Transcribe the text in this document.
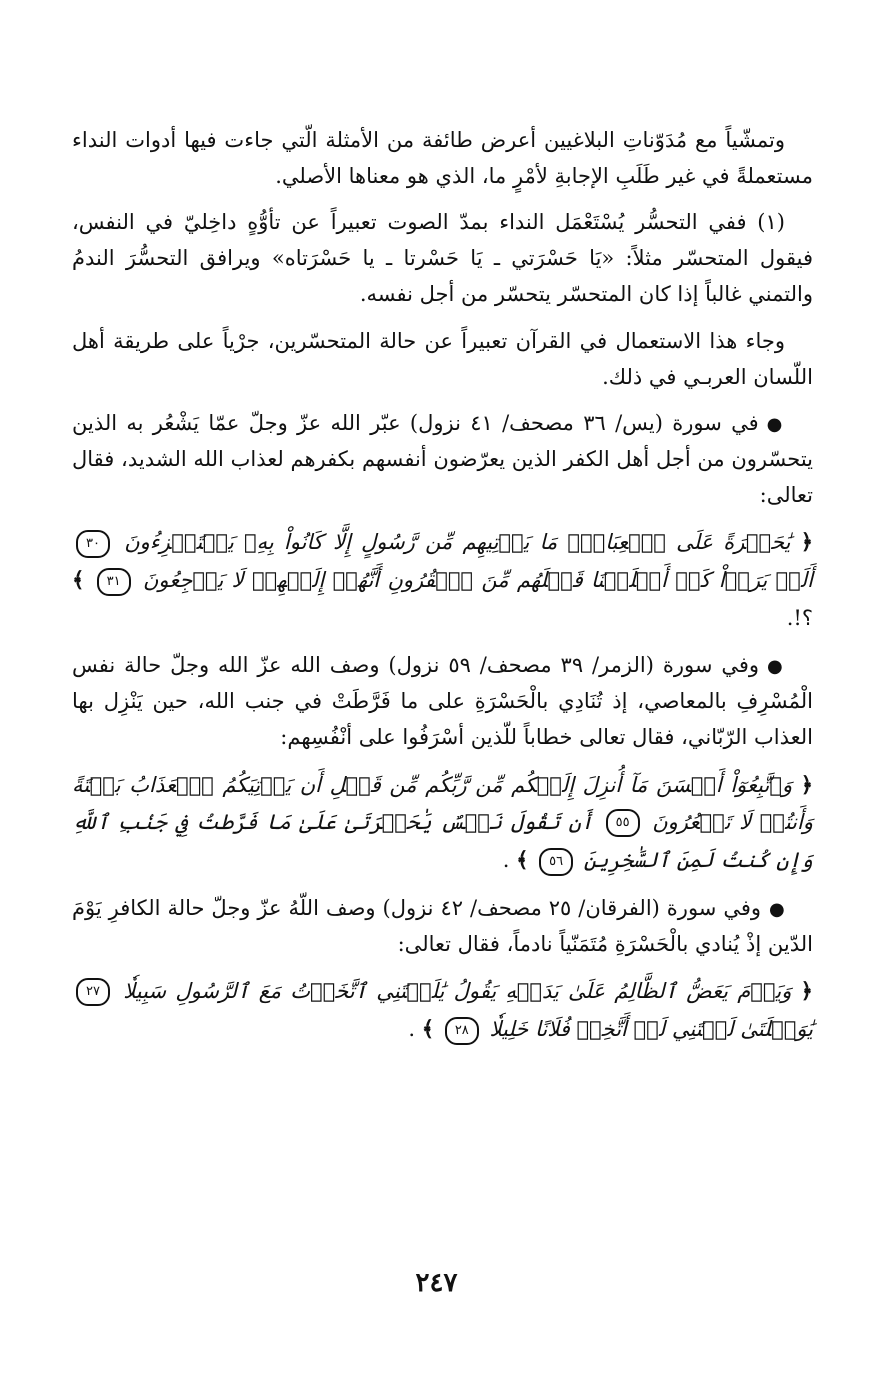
وتمشّياً مع مُدَوّناتِ البلاغيين أعرض طائفة من الأمثلة الّتي جاءت فيها أدوات النداء مستعملةً في غير طَلَبِ الإجابةِ لأمْرٍ ما، الذي هو معناها الأصلي.

(١) ففي التحسُّر يُسْتَعْمَل النداء بمدّ الصوت تعبيراً عن تأوُّهٍ داخِليّ في النفس، فيقول المتحسّر مثلاً: «يَا حَسْرَتي ـ يَا حَسْرتا ـ يا حَسْرَتاه» ويرافق التحسُّرَ الندمُ والتمني غالباً إذا كان المتحسّر يتحسّر من أجل نفسه.

وجاء هذا الاستعمال في القرآن تعبيراً عن حالة المتحسّرين، جرْياً على طريقة أهل اللّسان العربـي في ذلك.

●في سورة (يس/ ٣٦ مصحف/ ٤١ نزول) عبّر الله عزّ وجلّ عمّا يَشْعُر به الذين يتحسّرون من أجل أهل الكفر الذين يعرّضون أنفسهم بكفرهم لعذاب الله الشديد، فقال تعالى:

﴿ يَٰحَسۡرَةً عَلَى ٱلۡعِبَادِۚ مَا يَأۡتِيهِم مِّن رَّسُولٍ إِلَّا كَانُواْ بِهِۦ يَسۡتَهۡزِءُونَ ٣٠ أَلَمۡ يَرَوۡاْ كَمۡ أَهۡلَكۡنَا قَبۡلَهُم مِّنَ ٱلۡقُرُونِ أَنَّهُمۡ إِلَيۡهِمۡ لَا يَرۡجِعُونَ ٣١ ﴾ ؟!.

●وفي سورة (الزمر/ ٣٩ مصحف/ ٥٩ نزول) وصف الله عزّ الله وجلّ حالة نفس الْمُسْرِفِ بالمعاصي، إذ تُنَادِي بالْحَسْرَةِ على ما فَرَّطَتْ في جنب الله، حين يَنْزِل بها العذاب الرّبّاني، فقال تعالى خطاباً للّذين أسْرَفُوا على أنْفُسِهم:

﴿ وَٱتَّبِعُوٓاْ أَحۡسَنَ مَآ أُنزِلَ إِلَيۡكُم مِّن رَّبِّكُم مِّن قَبۡلِ أَن يَأۡتِيَكُمُ ٱلۡعَذَابُ بَغۡتَةً وَأَنتُمۡ لَا تَشۡعُرُونَ ٥٥ أَن تَقُولَ نَفۡسٌ يَٰحَسۡرَتَىٰ عَلَىٰ مَا فَرَّطتُ فِي جَنۢبِ ٱللَّهِ وَإِن كُنتُ لَمِنَ ٱلسَّٰخِرِينَ ٥٦ ﴾ .

●وفي سورة (الفرقان/ ٢٥ مصحف/ ٤٢ نزول) وصف اللّهُ عزّ وجلّ حالة الكافرِ يَوْمَ الدّين إذْ يُنادي بالْحَسْرَةِ مُتَمَنّياً نادماً، فقال تعالى:

﴿ وَيَوۡمَ يَعَضُّ ٱلظَّالِمُ عَلَىٰ يَدَيۡهِ يَقُولُ يَٰلَيۡتَنِي ٱتَّخَذۡتُ مَعَ ٱلرَّسُولِ سَبِيلٗا ٢٧ يَٰوَيۡلَتَىٰ لَيۡتَنِي لَمۡ أَتَّخِذۡ فُلَانًا خَلِيلٗا ٢٨ ﴾ .

٢٤٧
